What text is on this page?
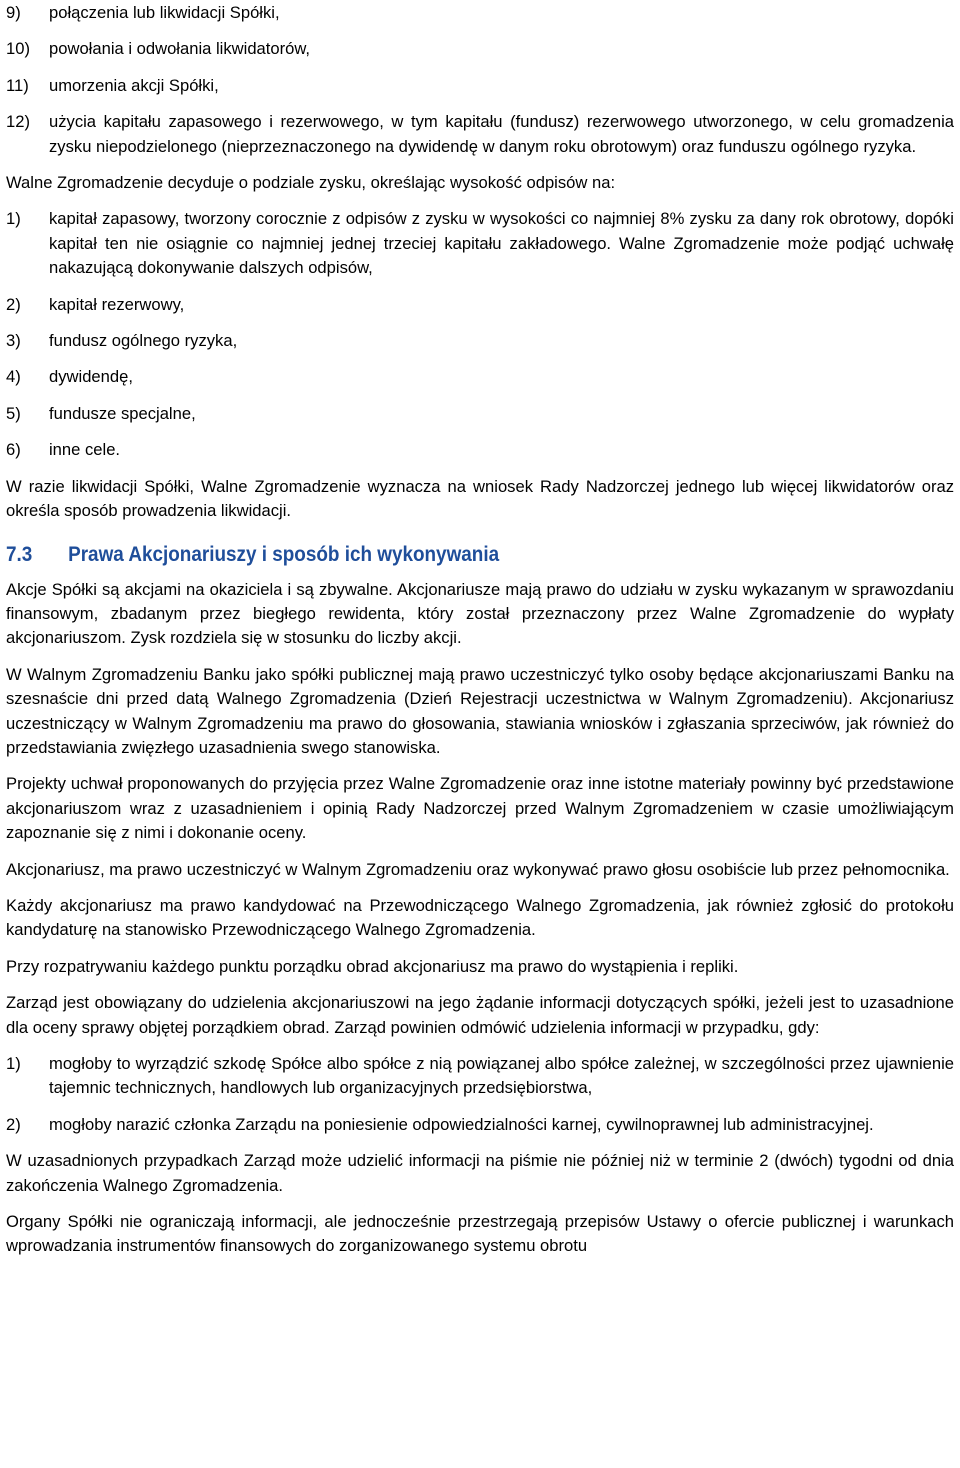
9)	połączenia lub likwidacji Spółki,
10)	powołania i odwołania likwidatorów,
11)	umorzenia akcji Spółki,
12)	użycia kapitału zapasowego i rezerwowego, w tym kapitału (fundusz) rezerwowego utworzonego, w celu gromadzenia zysku niepodzielonego (nieprzeznaczonego na dywidendę w danym roku obrotowym) oraz funduszu ogólnego ryzyka.

Walne Zgromadzenie decyduje o podziale zysku, określając wysokość odpisów na:

1)	kapitał zapasowy, tworzony corocznie z odpisów z zysku w wysokości co najmniej 8% zysku za dany rok obrotowy, dopóki kapitał ten nie osiągnie co najmniej jednej trzeciej kapitału zakładowego. Walne Zgromadzenie może podjąć uchwałę nakazującą dokonywanie dalszych odpisów,
2)	kapitał rezerwowy,
3)	fundusz ogólnego ryzyka,
4)	dywidendę,
5)	fundusze specjalne,
6)	inne cele.

W razie likwidacji Spółki, Walne Zgromadzenie wyznacza na wniosek Rady Nadzorczej jednego lub więcej likwidatorów oraz określa sposób prowadzenia likwidacji.

7.3	Prawa Akcjonariuszy i sposób ich wykonywania

Akcje Spółki są akcjami na okaziciela i są zbywalne. Akcjonariusze mają prawo do udziału w zysku wykazanym w sprawozdaniu finansowym, zbadanym przez biegłego rewidenta, który został przeznaczony przez Walne Zgromadzenie do wypłaty akcjonariuszom. Zysk rozdziela się w stosunku do liczby akcji.

W Walnym Zgromadzeniu Banku jako spółki publicznej mają prawo uczestniczyć tylko osoby będące akcjonariuszami Banku na szesnaście dni przed datą Walnego Zgromadzenia (Dzień Rejestracji uczestnictwa w Walnym Zgromadzeniu). Akcjonariusz uczestniczący w Walnym Zgromadzeniu ma prawo do głosowania, stawiania wniosków i zgłaszania sprzeciwów, jak również do przedstawiania zwięzłego uzasadnienia swego stanowiska.

Projekty uchwał proponowanych do przyjęcia przez Walne Zgromadzenie oraz inne istotne materiały powinny być przedstawione akcjonariuszom wraz z uzasadnieniem i opinią Rady Nadzorczej przed Walnym Zgromadzeniem w czasie umożliwiającym zapoznanie się z nimi i dokonanie oceny.

Akcjonariusz, ma prawo uczestniczyć w Walnym Zgromadzeniu oraz wykonywać prawo głosu osobiście lub przez pełnomocnika.

Każdy akcjonariusz ma prawo kandydować na Przewodniczącego Walnego Zgromadzenia, jak również zgłosić do protokołu kandydaturę na stanowisko Przewodniczącego Walnego Zgromadzenia.

Przy rozpatrywaniu każdego punktu porządku obrad akcjonariusz ma prawo do wystąpienia i repliki.

Zarząd jest obowiązany do udzielenia akcjonariuszowi na jego żądanie informacji dotyczących spółki, jeżeli jest to uzasadnione dla oceny sprawy objętej porządkiem obrad. Zarząd powinien odmówić udzielenia informacji w przypadku, gdy:

1)	mogłoby to wyrządzić szkodę Spółce albo spółce z nią powiązanej albo spółce zależnej, w szczególności przez ujawnienie tajemnic technicznych, handlowych lub organizacyjnych przedsiębiorstwa,
2)	mogłoby narazić członka Zarządu na poniesienie odpowiedzialności karnej, cywilnoprawnej lub administracyjnej.

W uzasadnionych przypadkach Zarząd może udzielić informacji na piśmie nie później niż w terminie 2 (dwóch) tygodni od dnia zakończenia Walnego Zgromadzenia.

Organy Spółki nie ograniczają informacji, ale jednocześnie przestrzegają przepisów Ustawy o ofercie publicznej i warunkach wprowadzania instrumentów finansowych do zorganizowanego systemu obrotu
